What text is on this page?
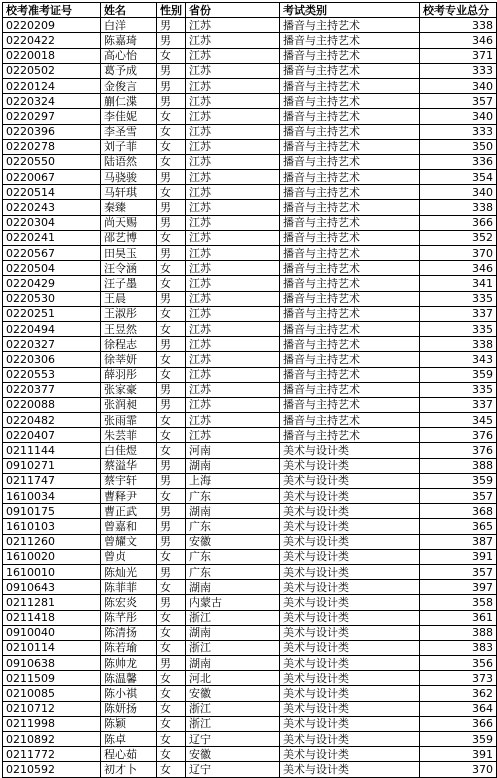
校考准考证号	姓名	性别	省份	考试类别	校考专业总分
0220209	白洋	男	江苏	播音与主持艺术	338
0220422	陈嘉琦	男	江苏	播音与主持艺术	346
0220018	高心怡	女	江苏	播音与主持艺术	371
0220502	葛予成	男	江苏	播音与主持艺术	333
0220124	金俊言	男	江苏	播音与主持艺术	340
0220324	蒯仁渫	男	江苏	播音与主持艺术	357
0220297	李佳妮	女	江苏	播音与主持艺术	340
0220396	李圣雪	女	江苏	播音与主持艺术	333
0220278	刘子菲	女	江苏	播音与主持艺术	350
0220550	陆语然	女	江苏	播音与主持艺术	336
0220067	马骁骏	男	江苏	播音与主持艺术	354
0220514	马轩琪	女	江苏	播音与主持艺术	340
0220243	秦臻	男	江苏	播音与主持艺术	338
0220304	尚天赐	男	江苏	播音与主持艺术	366
0220241	邵艺博	女	江苏	播音与主持艺术	352
0220567	田昊玉	男	江苏	播音与主持艺术	370
0220504	汪令涵	女	江苏	播音与主持艺术	346
0220429	汪子墨	女	江苏	播音与主持艺术	341
0220530	王晨	男	江苏	播音与主持艺术	335
0220251	王淑彤	女	江苏	播音与主持艺术	337
0220494	王昱然	女	江苏	播音与主持艺术	335
0220327	徐程志	男	江苏	播音与主持艺术	338
0220306	徐莘妍	女	江苏	播音与主持艺术	343
0220553	薛羽彤	女	江苏	播音与主持艺术	359
0220377	张家豪	男	江苏	播音与主持艺术	335
0220088	张润昶	男	江苏	播音与主持艺术	337
0220482	张雨霏	女	江苏	播音与主持艺术	345
0220407	朱芸菲	女	江苏	播音与主持艺术	376
0211144	白佳煜	女	河南	美术与设计类	376
0910271	蔡溢华	男	湖南	美术与设计类	388
0211747	蔡宇轩	男	上海	美术与设计类	359
1610034	曹释尹	女	广东	美术与设计类	357
0910175	曹正武	男	湖南	美术与设计类	368
1610103	曾嘉和	男	广东	美术与设计类	365
0211260	曾耀文	男	安徽	美术与设计类	387
1610020	曾贞	女	广东	美术与设计类	391
1610010	陈灿光	男	广东	美术与设计类	357
0910643	陈菲菲	女	湖南	美术与设计类	397
0211281	陈宏炎	男	内蒙古	美术与设计类	358
0211418	陈芊彤	女	浙江	美术与设计类	361
0910040	陈清扬	女	湖南	美术与设计类	388
0210114	陈若瑜	女	浙江	美术与设计类	383
0910638	陈帅龙	男	湖南	美术与设计类	356
0211509	陈温馨	女	河北	美术与设计类	373
0210085	陈小祺	女	安徽	美术与设计类	362
0210712	陈妍扬	女	浙江	美术与设计类	364
0211998	陈颖	女	浙江	美术与设计类	366
0210892	陈卓	女	辽宁	美术与设计类	359
0211772	程心茹	女	安徽	美术与设计类	391
0210592	初才卜	女	辽宁	美术与设计类	370
